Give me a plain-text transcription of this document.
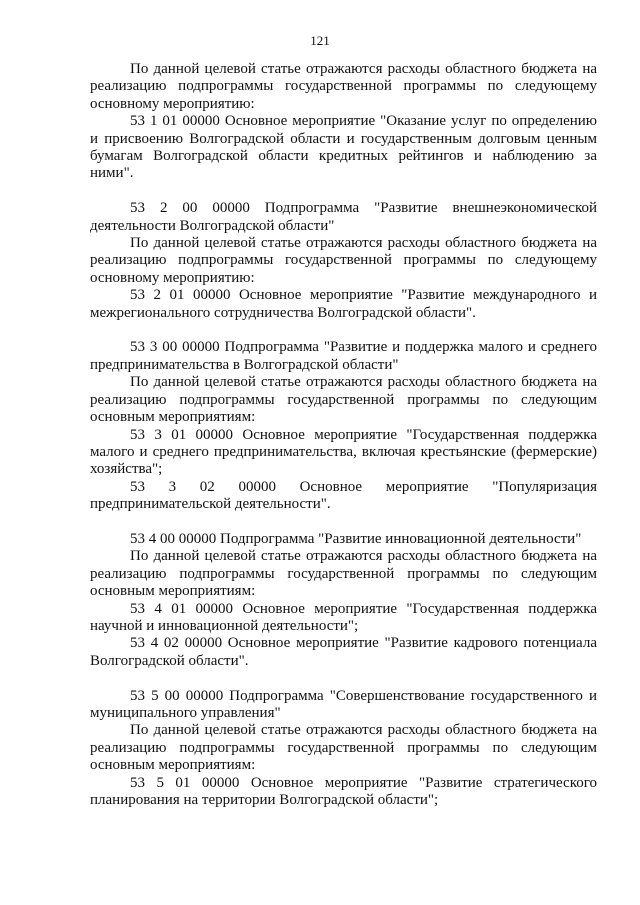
121

По данной целевой статье отражаются расходы областного бюджета на реализацию подпрограммы государственной программы по следующему основному мероприятию:

53 1 01 00000 Основное мероприятие "Оказание услуг по определению и присвоению Волгоградской области и государственным долговым ценным бумагам Волгоградской области кредитных рейтингов и наблюдению за ними".

53 2 00 00000 Подпрограмма "Развитие внешнеэкономической деятельности Волгоградской области"

По данной целевой статье отражаются расходы областного бюджета на реализацию подпрограммы государственной программы по следующему основному мероприятию:

53 2 01 00000 Основное мероприятие "Развитие международного и межрегионального сотрудничества Волгоградской области".

53 3 00 00000 Подпрограмма "Развитие и поддержка малого и среднего предпринимательства в Волгоградской области"

По данной целевой статье отражаются расходы областного бюджета на реализацию подпрограммы государственной программы по следующим основным мероприятиям:

53 3 01 00000 Основное мероприятие "Государственная поддержка малого и среднего предпринимательства, включая крестьянские (фермерские) хозяйства";

53 3 02 00000 Основное мероприятие "Популяризация предпринимательской деятельности".

53 4 00 00000 Подпрограмма "Развитие инновационной деятельности"

По данной целевой статье отражаются расходы областного бюджета на реализацию подпрограммы государственной программы по следующим основным мероприятиям:

53 4 01 00000 Основное мероприятие "Государственная поддержка научной и инновационной деятельности";

53 4 02 00000 Основное мероприятие "Развитие кадрового потенциала Волгоградской области".

53 5 00 00000 Подпрограмма "Совершенствование государственного и муниципального управления"

По данной целевой статье отражаются расходы областного бюджета на реализацию подпрограммы государственной программы по следующим основным мероприятиям:

53 5 01 00000 Основное мероприятие "Развитие стратегического планирования на территории Волгоградской области";
